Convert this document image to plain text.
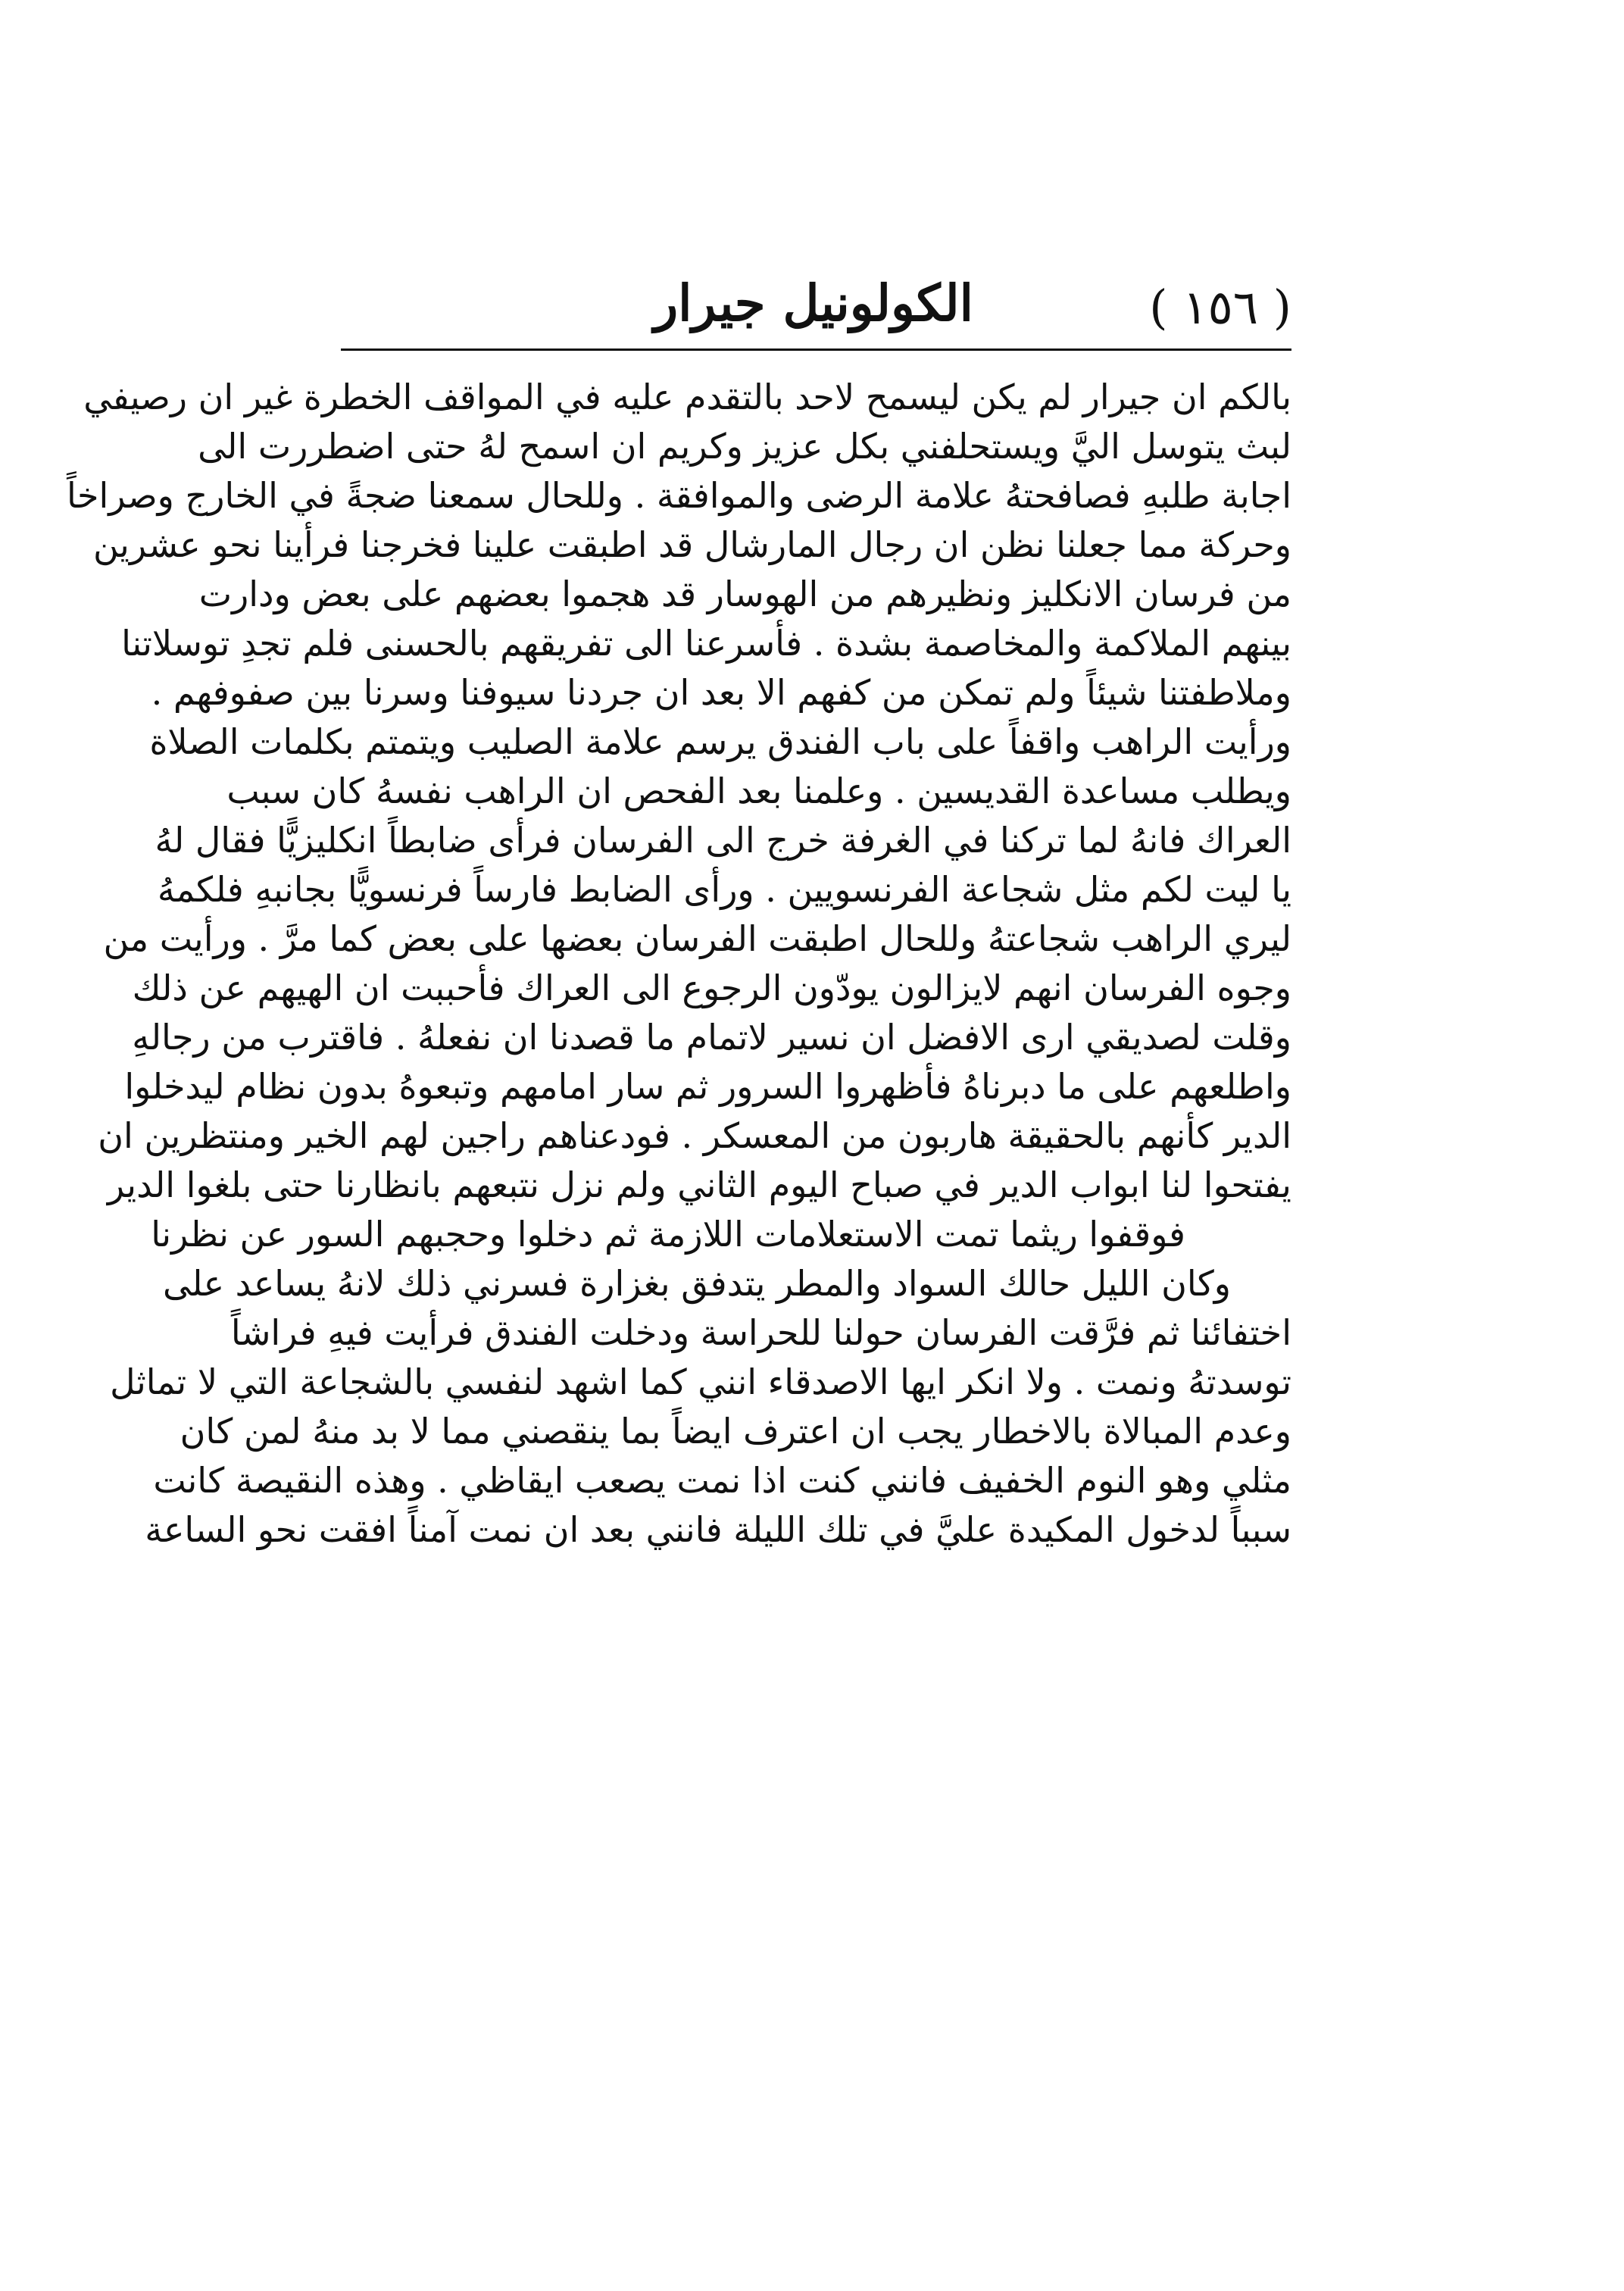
( ١٥٦ )
الكولونيل جيرار
بالكم ان جيرار لم يكن ليسمح لاحد بالتقدم عليه في المواقف الخطرة غير ان رصيفي
لبث يتوسل اليَّ ويستحلفني بكل عزيز وكريم ان اسمح لهُ حتى اضطررت الى
اجابة طلبهِ فصافحتهُ علامة الرضى والموافقة . وللحال سمعنا ضجةً في الخارج وصراخاً
وحركة مما جعلنا نظن ان رجال المارشال قد اطبقت علينا فخرجنا فرأينا نحو عشرين
من فرسان الانكليز ونظيرهم من الهوسار قد هجموا بعضهم على بعض ودارت
بينهم الملاكمة والمخاصمة بشدة . فأسرعنا الى تفريقهم بالحسنى فلم تجدِ توسلاتنا
وملاطفتنا شيئاً ولم تمكن من كفهم الا بعد ان جردنا سيوفنا وسرنا بين صفوفهم .
ورأيت الراهب واقفاً على باب الفندق يرسم علامة الصليب ويتمتم بكلمات الصلاة
ويطلب مساعدة القديسين . وعلمنا بعد الفحص ان الراهب نفسهُ كان سبب
العراك فانهُ لما تركنا في الغرفة خرج الى الفرسان فرأى ضابطاً انكليزيًّا فقال لهُ
يا ليت لكم مثل شجاعة الفرنسويين . ورأى الضابط فارساً فرنسويًّا بجانبهِ فلكمهُ
ليري الراهب شجاعتهُ وللحال اطبقت الفرسان بعضها على بعض كما مرَّ . ورأيت من
وجوه الفرسان انهم لايزالون يودّون الرجوع الى العراك فأحببت ان الهيهم عن ذلك
وقلت لصديقي ارى الافضل ان نسير لاتمام ما قصدنا ان نفعلهُ . فاقترب من رجالهِ
واطلعهم على ما دبرناهُ فأظهروا السرور ثم سار امامهم وتبعوهُ بدون نظام ليدخلوا
الدير كأنهم بالحقيقة هاربون من المعسكر . فودعناهم راجين لهم الخير ومنتظرين ان
يفتحوا لنا ابواب الدير في صباح اليوم الثاني ولم نزل نتبعهم بانظارنا حتى بلغوا الدير
فوقفوا ريثما تمت الاستعلامات اللازمة ثم دخلوا وحجبهم السور عن نظرنا
وكان الليل حالك السواد والمطر يتدفق بغزارة فسرني ذلك لانهُ يساعد على
اختفائنا ثم فرَّقت الفرسان حولنا للحراسة ودخلت الفندق فرأيت فيهِ فراشاً
توسدتهُ ونمت . ولا انكر ايها الاصدقاء انني كما اشهد لنفسي بالشجاعة التي لا تماثل
وعدم المبالاة بالاخطار يجب ان اعترف ايضاً بما ينقصني مما لا بد منهُ لمن كان
مثلي وهو النوم الخفيف فانني كنت اذا نمت يصعب ايقاظي . وهذه النقيصة كانت
سبباً لدخول المكيدة عليَّ في تلك الليلة فانني بعد ان نمت آمناً افقت نحو الساعة
